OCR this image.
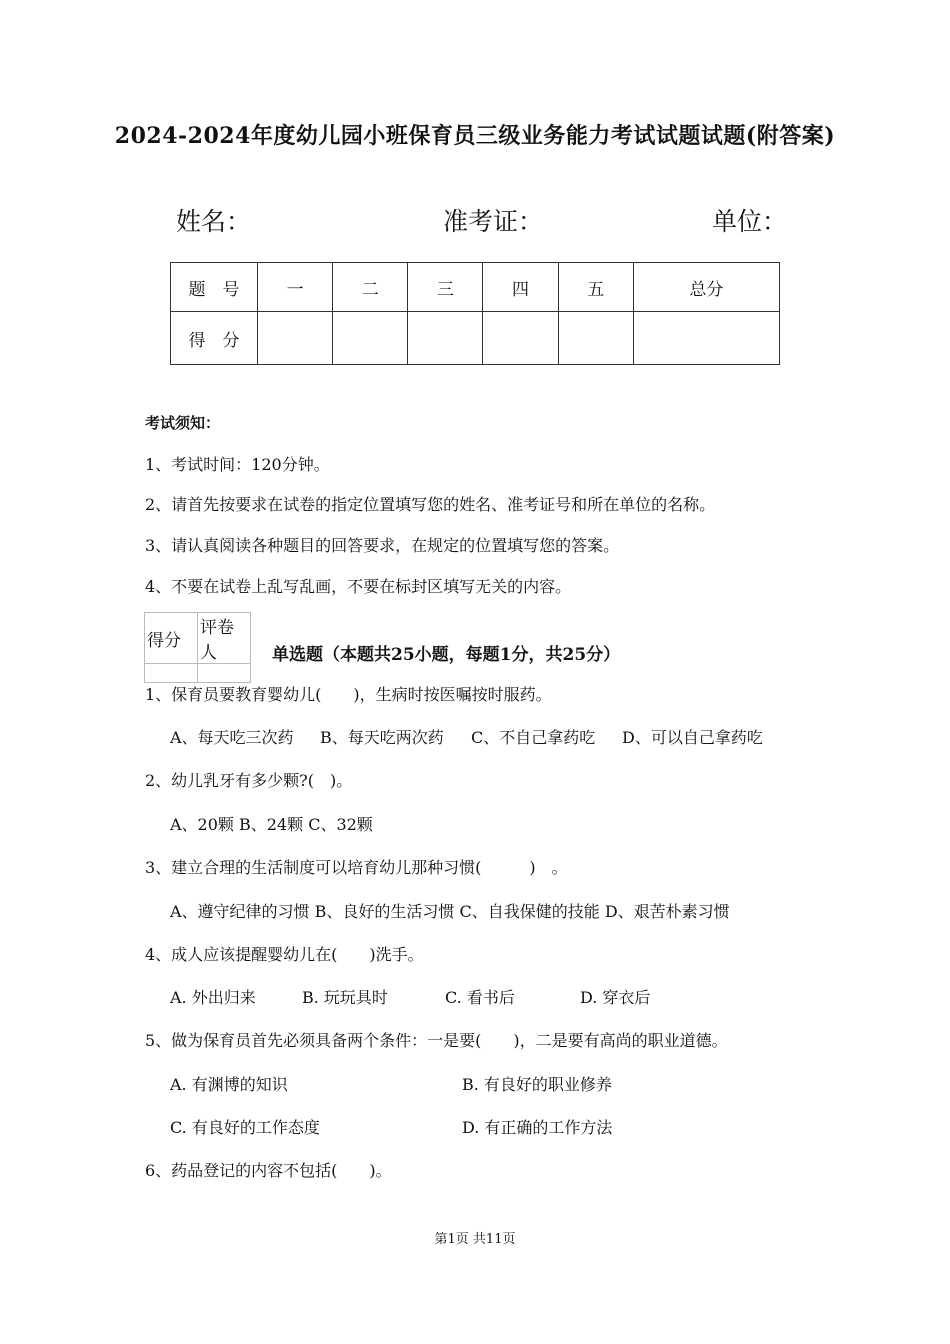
2024-2024年度幼儿园小班保育员三级业务能力考试试题试题(附答案)
姓名：	准考证：	单位：
题　号	一	二	三	四	五	总分
得　分						
考试须知：
1、考试时间：120分钟。
2、请首先按要求在试卷的指定位置填写您的姓名、准考证号和所在单位的名称。
3、请认真阅读各种题目的回答要求，在规定的位置填写您的答案。
4、不要在试卷上乱写乱画，不要在标封区填写无关的内容。
得分	评卷人
		单选题（本题共25小题，每题1分，共25分）
1、保育员要教育婴幼儿(　　)，生病时按医嘱按时服药。
A、每天吃三次药 B、每天吃两次药 C、不自己拿药吃 D、可以自己拿药吃
2、幼儿乳牙有多少颗?(　)。
A、20颗 B、24颗 C、32颗
3、建立合理的生活制度可以培育幼儿那种习惯(　　　)　。
A、遵守纪律的习惯 B、良好的生活习惯 C、自我保健的技能 D、艰苦朴素习惯
4、成人应该提醒婴幼儿在(　　)洗手。
A. 外出归来	B. 玩玩具时	C. 看书后	D. 穿衣后
5、做为保育员首先必须具备两个条件：一是要(　　)，二是要有高尚的职业道德。
A. 有渊博的知识	B. 有良好的职业修养
C. 有良好的工作态度	D. 有正确的工作方法
6、药品登记的内容不包括(　　)。
第1页 共11页
